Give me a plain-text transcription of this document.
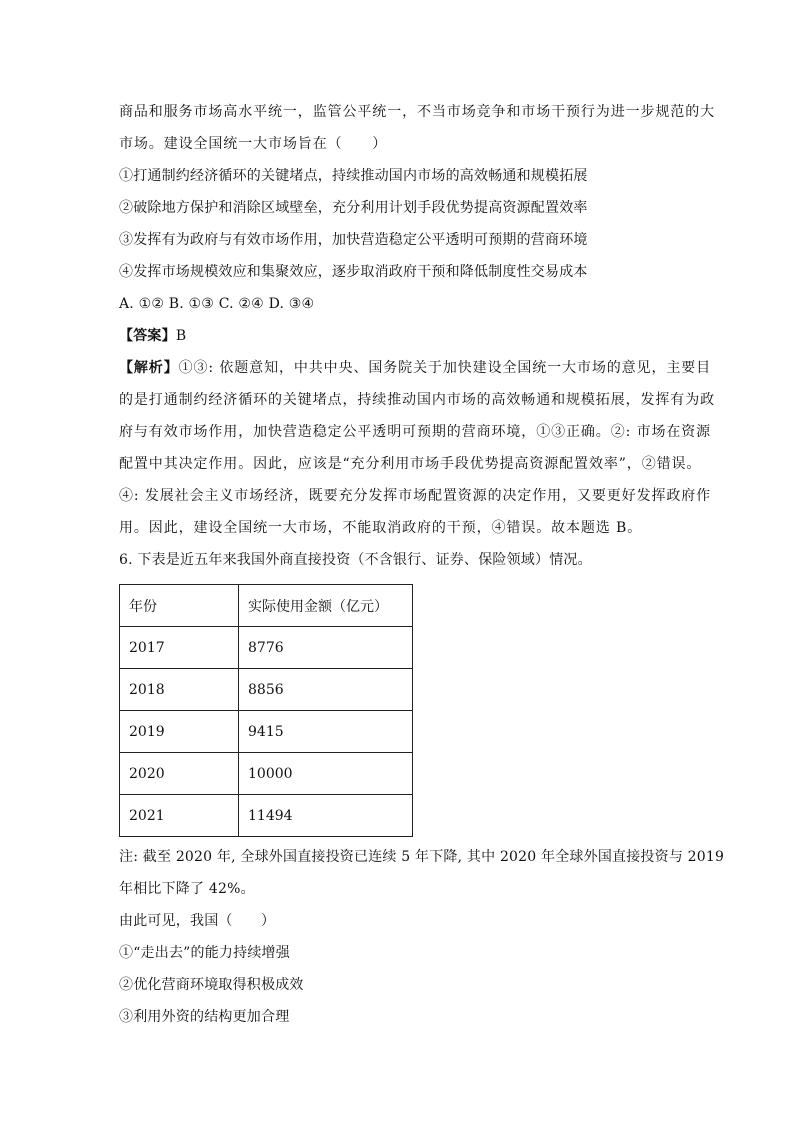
商品和服务市场高水平统一，监管公平统一，不当市场竞争和市场干预行为进一步规范的大
市场。建设全国统一大市场旨在（　　）
①打通制约经济循环的关键堵点，持续推动国内市场的高效畅通和规模拓展
②破除地方保护和消除区域壁垒，充分利用计划手段优势提高资源配置效率
③发挥有为政府与有效市场作用，加快营造稳定公平透明可预期的营商环境
④发挥市场规模效应和集聚效应，逐步取消政府干预和降低制度性交易成本
A. ①② B. ①③ C. ②④ D. ③④
【答案】B
【解析】①③: 依题意知，中共中央、国务院关于加快建设全国统一大市场的意见，主要目
的是打通制约经济循环的关键堵点，持续推动国内市场的高效畅通和规模拓展，发挥有为政
府与有效市场作用，加快营造稳定公平透明可预期的营商环境，①③正确。②: 市场在资源
配置中其决定作用。因此，应该是“充分利用市场手段优势提高资源配置效率”，②错误。
④: 发展社会主义市场经济，既要充分发挥市场配置资源的决定作用，又要更好发挥政府作
用。因此，建设全国统一大市场，不能取消政府的干预，④错误。故本题选 B。
6. 下表是近五年来我国外商直接投资（不含银行、证券、保险领域）情况。
年份	实际使用金额（亿元）
2017	8776
2018	8856
2019	9415
2020	10000
2021	11494
注: 截至 2020 年, 全球外国直接投资已连续 5 年下降, 其中 2020 年全球外国直接投资与 2019
年相比下降了 42%。
由此可见，我国（　　）
①“走出去”的能力持续增强
②优化营商环境取得积极成效
③利用外资的结构更加合理
